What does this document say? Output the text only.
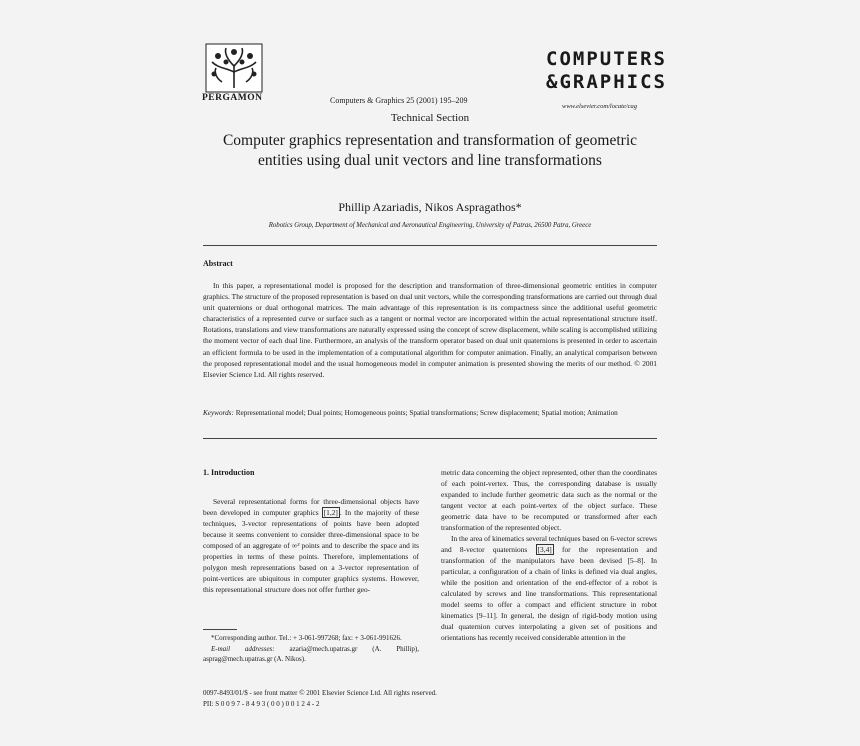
PERGAMON	Computers & Graphics 25 (2001) 195–209
COMPUTERS
&GRAPHICS
www.elsevier.com/locate/cag
Technical Section
Computer graphics representation and transformation of geometric entities using dual unit vectors and line transformations
Phillip Azariadis, Nikos Aspragathos*
Robotics Group, Department of Mechanical and Aeronautical Engineering, University of Patras, 26500 Patra, Greece
Abstract

In this paper, a representational model is proposed for the description and transformation of three-dimensional geometric entities in computer graphics. The structure of the proposed representation is based on dual unit vectors, while the corresponding transformations are carried out through dual unit quaternions or dual orthogonal matrices. The main advantage of this representation is its compactness since the additional useful geometric characteristics of a represented curve or surface such as a tangent or normal vector are incorporated within the actual representational structure itself. Rotations, translations and view transformations are naturally expressed using the concept of screw displacement, while scaling is accomplished utilizing the moment vector of each dual line. Furthermore, an analysis of the transform operator based on dual unit quaternions is presented in order to ascertain an efficient formula to be used in the implementation of a computational algorithm for computer animation. Finally, an analytical comparison between the proposed representational model and the usual homogeneous model in computer animation is presented showing the merits of our method. © 2001 Elsevier Science Ltd. All rights reserved.

Keywords: Representational model; Dual points; Homogeneous points; Spatial transformations; Screw displacement; Spatial motion; Animation

1. Introduction

Several representational forms for three-dimensional objects have been developed in computer graphics [1,2] . In the majority of these techniques, 3-vector representations of points have been adopted because it seems convenient to consider three-dimensional space to be composed of an aggregate of ∞³ points and to describe the space and its properties in terms of these points. Therefore, implementations of polygon mesh representations based on a 3-vector representation of point-vertices are ubiquitous in computer graphics systems. However, this representational structure does not offer further geo-

metric data concerning the object represented, other than the coordinates of each point-vertex. Thus, the corresponding database is usually expanded to include further geometric data such as the normal or the tangent vector at each point-vertex of the object surface. These geometric data have to be recomputed or transformed after each transformation of the represented object.

In the area of kinematics several techniques based on 6-vector screws and 8-vector quaternions [3,4] for the representation and transformation of the manipulators have been devised [5–8]. In particular, a configuration of a chain of links is defined via dual angles, while the position and orientation of the end-effector of a robot is calculated by screws and line transformations. This representational model seems to offer a compact and efficient structure in robot kinematics [9–11]. In general, the design of rigid-body motion using dual quaternion curves interpolating a given set of positions and orientations has recently received considerable attention in the

*Corresponding author. Tel.: + 3-061-997268; fax: + 3-061-991626.

E-mail addresses: azaria@mech.upatras.gr (A. Phillip), asprag@mech.upatras.gr (A. Nikos).

0097-8493/01/$ - see front matter © 2001 Elsevier Science Ltd. All rights reserved.
PII: S 0 0 9 7 - 8 4 9 3 ( 0 0 ) 0 0 1 2 4 - 2
